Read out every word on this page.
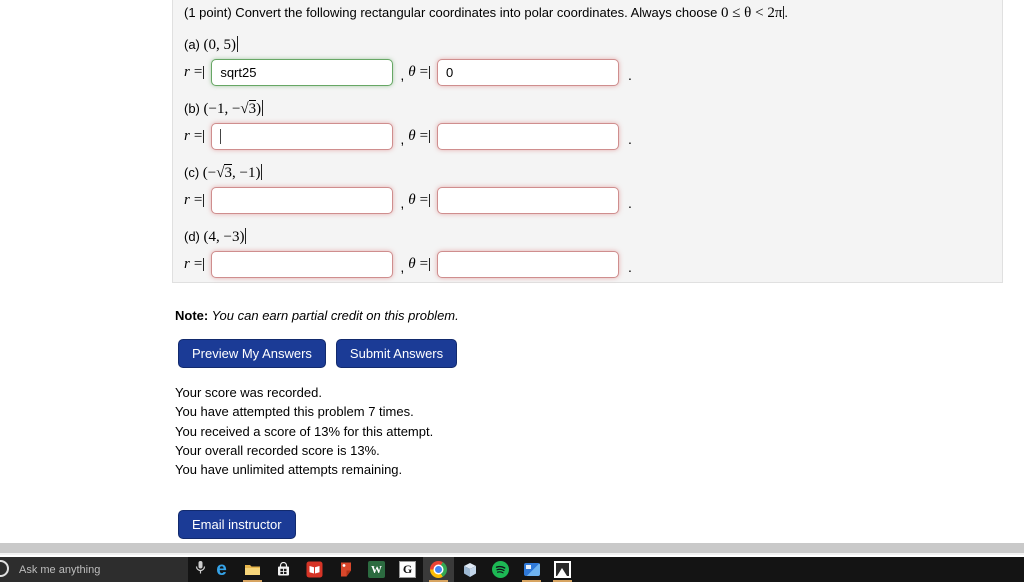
(1 point) Convert the following rectangular coordinates into polar coordinates. Always choose 0 ≤ θ < 2π .
(a) (0, 5)
r =
sqrt25	, θ =
0	.
(b) (−1, −√3)
r =	, θ =	.
(c) (−√3, −1)
r =	, θ =	.
(d) (4, −3)
r =	, θ =	.
Note: You can earn partial credit on this problem.
Preview My Answers	Submit Answers
Your score was recorded.
You have attempted this problem 7 times.
You received a score of 13% for this attempt.
Your overall recorded score is 13%.
You have unlimited attempts remaining.
Email instructor
Ask me anything	e	W	G
